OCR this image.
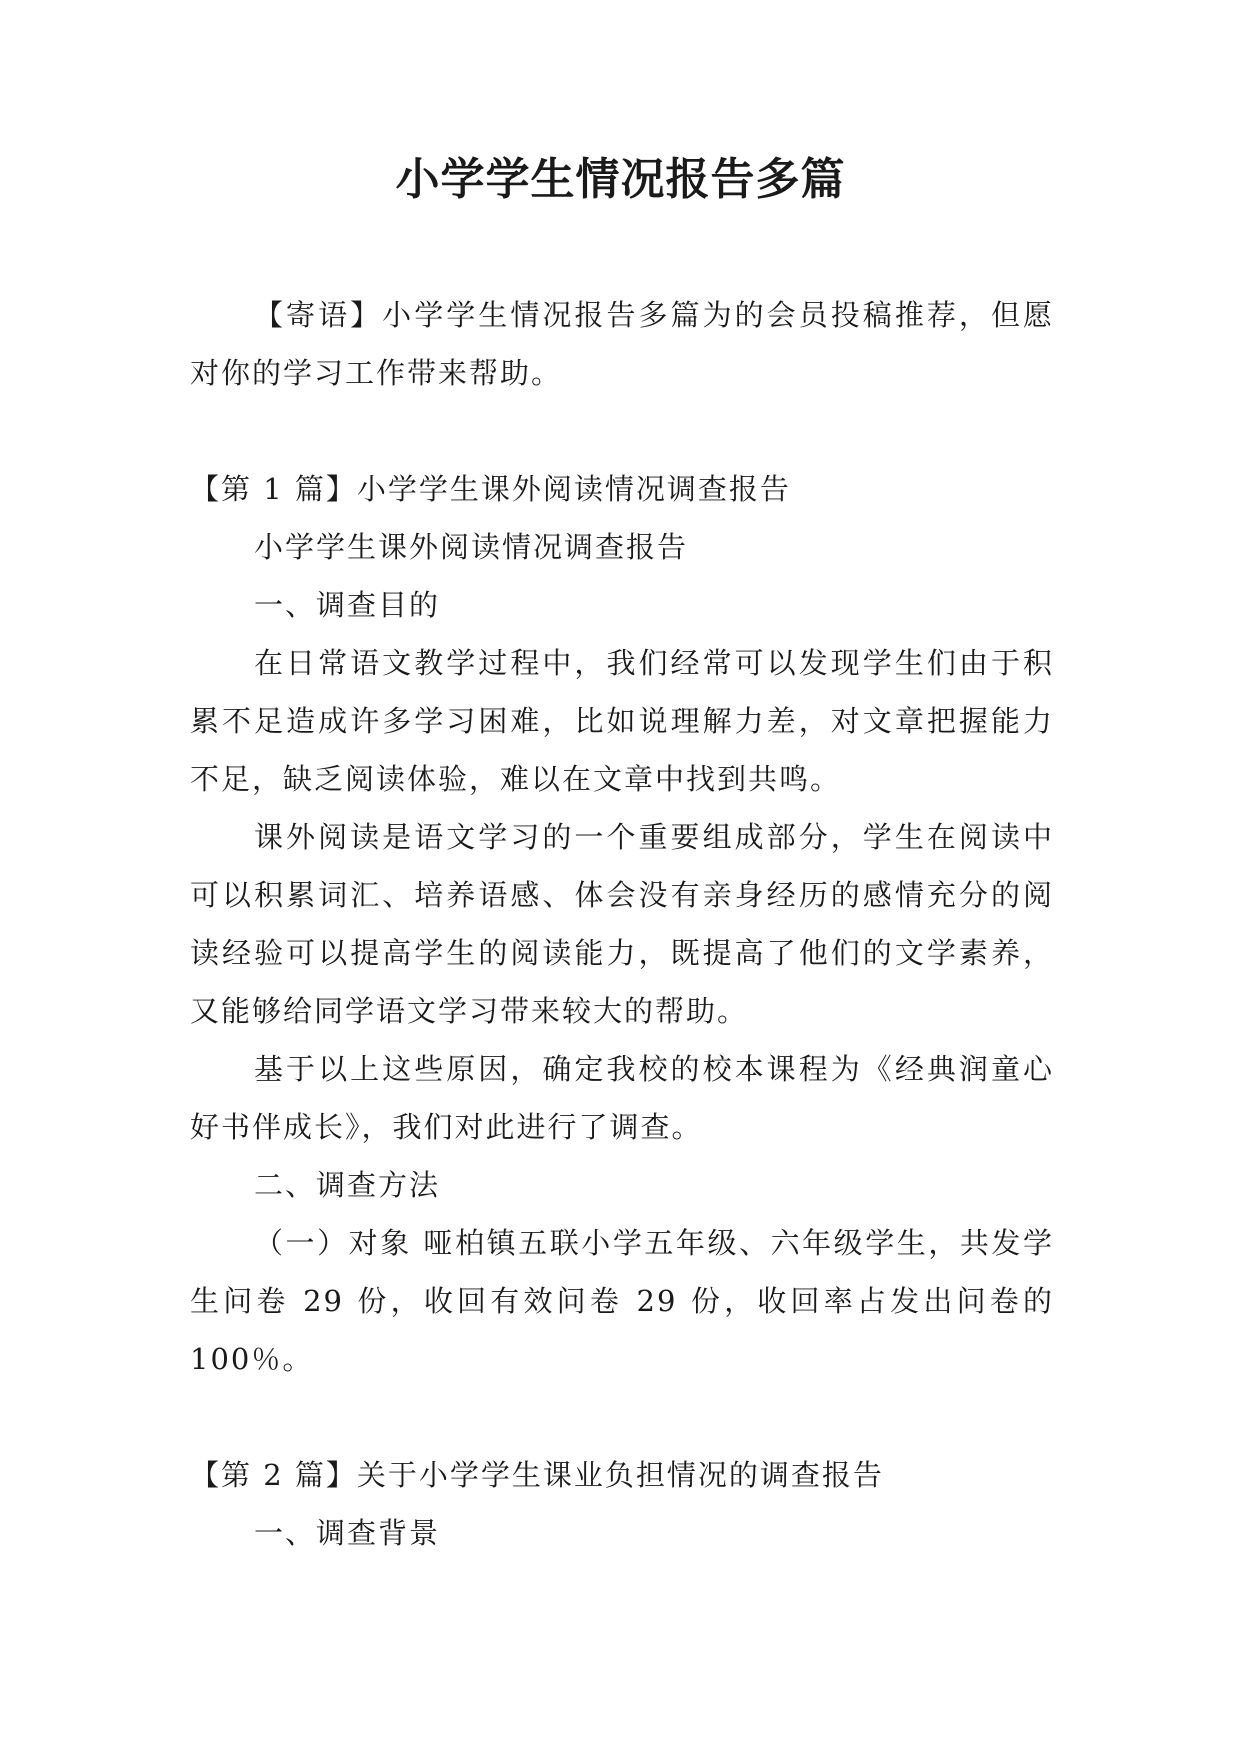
小学学生情况报告多篇

【寄语】小学学生情况报告多篇为的会员投稿推荐，但愿对你的学习工作带来帮助。

【第 1 篇】小学学生课外阅读情况调查报告

小学学生课外阅读情况调查报告

一、调查目的

在日常语文教学过程中，我们经常可以发现学生们由于积累不足造成许多学习困难，比如说理解力差，对文章把握能力不足，缺乏阅读体验，难以在文章中找到共鸣。

课外阅读是语文学习的一个重要组成部分，学生在阅读中可以积累词汇、培养语感、体会没有亲身经历的感情充分的阅读经验可以提高学生的阅读能力，既提高了他们的文学素养，又能够给同学语文学习带来较大的帮助。

基于以上这些原因，确定我校的校本课程为《经典润童心 好书伴成长》，我们对此进行了调查。

二、调查方法

（一）对象 哑柏镇五联小学五年级、六年级学生，共发学生问卷 29 份，收回有效问卷 29 份，收回率占发出问卷的 100％。

【第 2 篇】关于小学学生课业负担情况的调查报告

一、调查背景
